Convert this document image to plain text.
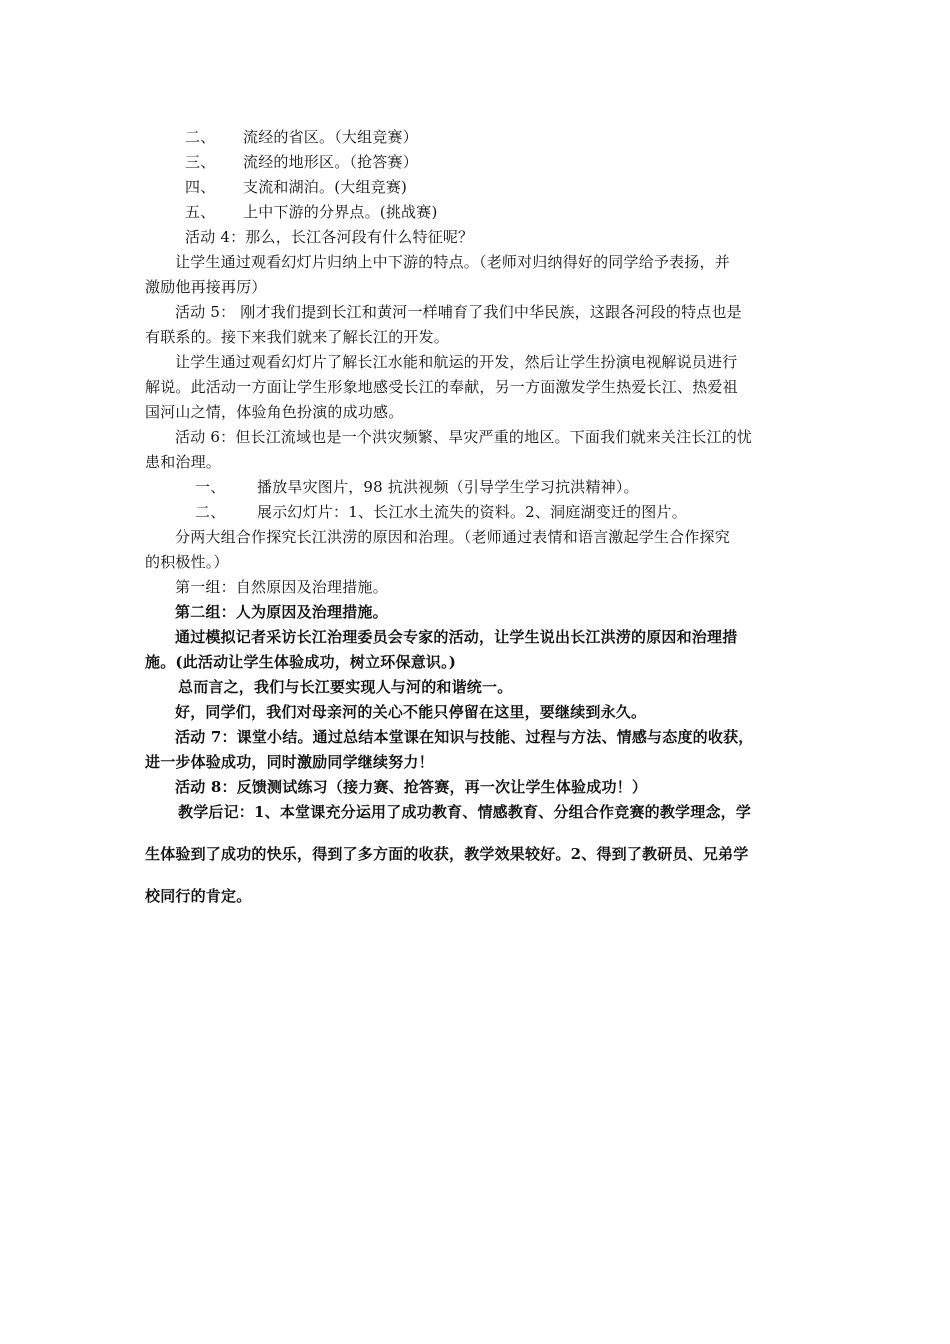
二、 流经的省区。（大组竞赛）
三、 流经的地形区。（抢答赛）
四、 支流和湖泊。(大组竞赛)
五、 上中下游的分界点。(挑战赛)
活动 4：那么，长江各河段有什么特征呢？
让学生通过观看幻灯片归纳上中下游的特点。（老师对归纳得好的同学给予表扬，并
激励他再接再厉）
活动 5： 刚才我们提到长江和黄河一样哺育了我们中华民族，这跟各河段的特点也是
有联系的。接下来我们就来了解长江的开发。
让学生通过观看幻灯片了解长江水能和航运的开发，然后让学生扮演电视解说员进行
解说。此活动一方面让学生形象地感受长江的奉献，另一方面激发学生热爱长江、热爱祖
国河山之情，体验角色扮演的成功感。
活动 6：但长江流域也是一个洪灾频繁、旱灾严重的地区。下面我们就来关注长江的忧
患和治理。
一、 播放旱灾图片，98 抗洪视频（引导学生学习抗洪精神）。
二、 展示幻灯片：1、长江水土流失的资料。2、洞庭湖变迁的图片。
分两大组合作探究长江洪涝的原因和治理。（老师通过表情和语言激起学生合作探究
的积极性。）
第一组：自然原因及治理措施。
第二组：人为原因及治理措施。
通过模拟记者采访长江治理委员会专家的活动，让学生说出长江洪涝的原因和治理措
施。(此活动让学生体验成功，树立环保意识。)
总而言之，我们与长江要实现人与河的和谐统一。
好，同学们，我们对母亲河的关心不能只停留在这里，要继续到永久。
活动 7：课堂小结。通过总结本堂课在知识与技能、过程与方法、情感与态度的收获，
进一步体验成功，同时激励同学继续努力！
活动 8：反馈测试练习（接力赛、抢答赛，再一次让学生体验成功！）
教学后记：1、本堂课充分运用了成功教育、情感教育、分组合作竞赛的教学理念，学
生体验到了成功的快乐，得到了多方面的收获，教学效果较好。2、得到了教研员、兄弟学
校同行的肯定。
